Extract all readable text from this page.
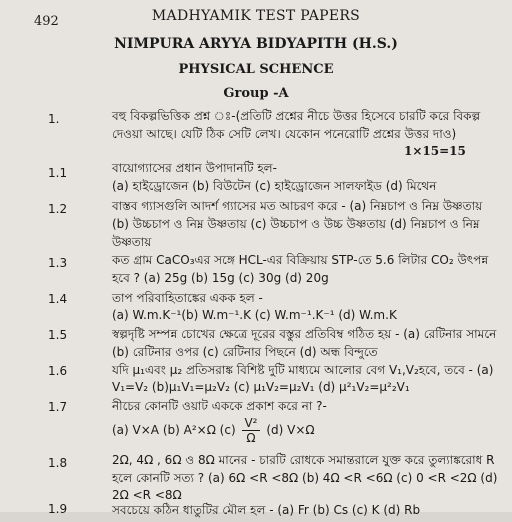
492	MADHYAMIK TEST PAPERS
NIMPURA ARYYA BIDYAPITH (H.S.)
PHYSICAL SCHENCE
Group -A
1.	বহু বিকল্পভিত্তিক প্রশ্ন ঃ-(প্রতিটি প্রশ্নের নীচে উত্তর হিসেবে চারটি করে বিকল্প
দেওয়া আছে। যেটি ঠিক সেটি লেখ। যেকোন পনেরোটি প্রশ্নের উত্তর দাও)
1×15=15
1.1	বায়োগ্যাসের প্রধান উপাদানটি হল-
(a) হাইড্রোজেন (b) বিউটেন (c) হাইড্রোজেন সালফাইড (d) মিথেন
1.2	বাস্তব গ্যাসগুলি আদর্শ গ্যাসের মত আচরণ করে - (a) নিম্নচাপ ও নিম্ন উষ্ণতায়
(b) উচ্চচাপ ও নিম্ন উষ্ণতায় (c) উচ্চচাপ ও উচ্চ উষ্ণতায় (d) নিম্নচাপ ও নিম্ন
উষ্ণতায়
1.3	কত গ্রাম CaCO₃এর সঙ্গে HCL-এর বিক্রিয়ায় STP-তে 5.6 লিটার CO₂ উৎপন্ন
হবে ? (a) 25g (b) 15g (c) 30g (d) 20g
1.4	তাপ পরিবাহিতাঙ্কের একক হল -
(a) W.m.K⁻¹(b) W.m⁻¹.K (c) W.m⁻¹.K⁻¹ (d) W.m.K
1.5	স্বল্পদৃষ্টি সম্পন্ন চোখের ক্ষেত্রে দূরের বস্তুর প্রতিবিম্ব গঠিত হয় - (a) রেটিনার সামনে
(b) রেটিনার ওপর (c) রেটিনার পিছনে (d) অন্ধ বিন্দুতে
1.6	যদি μ₁এবং μ₂ প্রতিসরাঙ্ক বিশিষ্ট দুটি মাধ্যমে আলোর বেগ V₁,V₂হবে, তবে - (a)
V₁=V₂ (b)μ₁V₁=μ₂V₂ (c) μ₁V₂=μ₂V₁ (d) μ²₁V₂=μ²₂V₁
1.7	নীচের কোনটি ওয়াট এককে প্রকাশ করে না ?-
(a) V×A (b) A²×Ω $(c) \frac{\text{V²}}{\Omega} (d)$ V×Ω
1.8	2Ω, 4Ω , 6Ω ও 8Ω মানের - চারটি রোধকে সমান্তরালে যুক্ত করে তুল্যাঙ্করোধ R
হলে কোনটি সত্য ? (a) 6Ω <R <8Ω (b) 4Ω <R <6Ω (c) 0 <R <2Ω (d)
2Ω <R <8Ω
1.9	সবচেয়ে কঠিন ধাতুটির মৌল হল - (a) Fr (b) Cs (c) K (d) Rb
